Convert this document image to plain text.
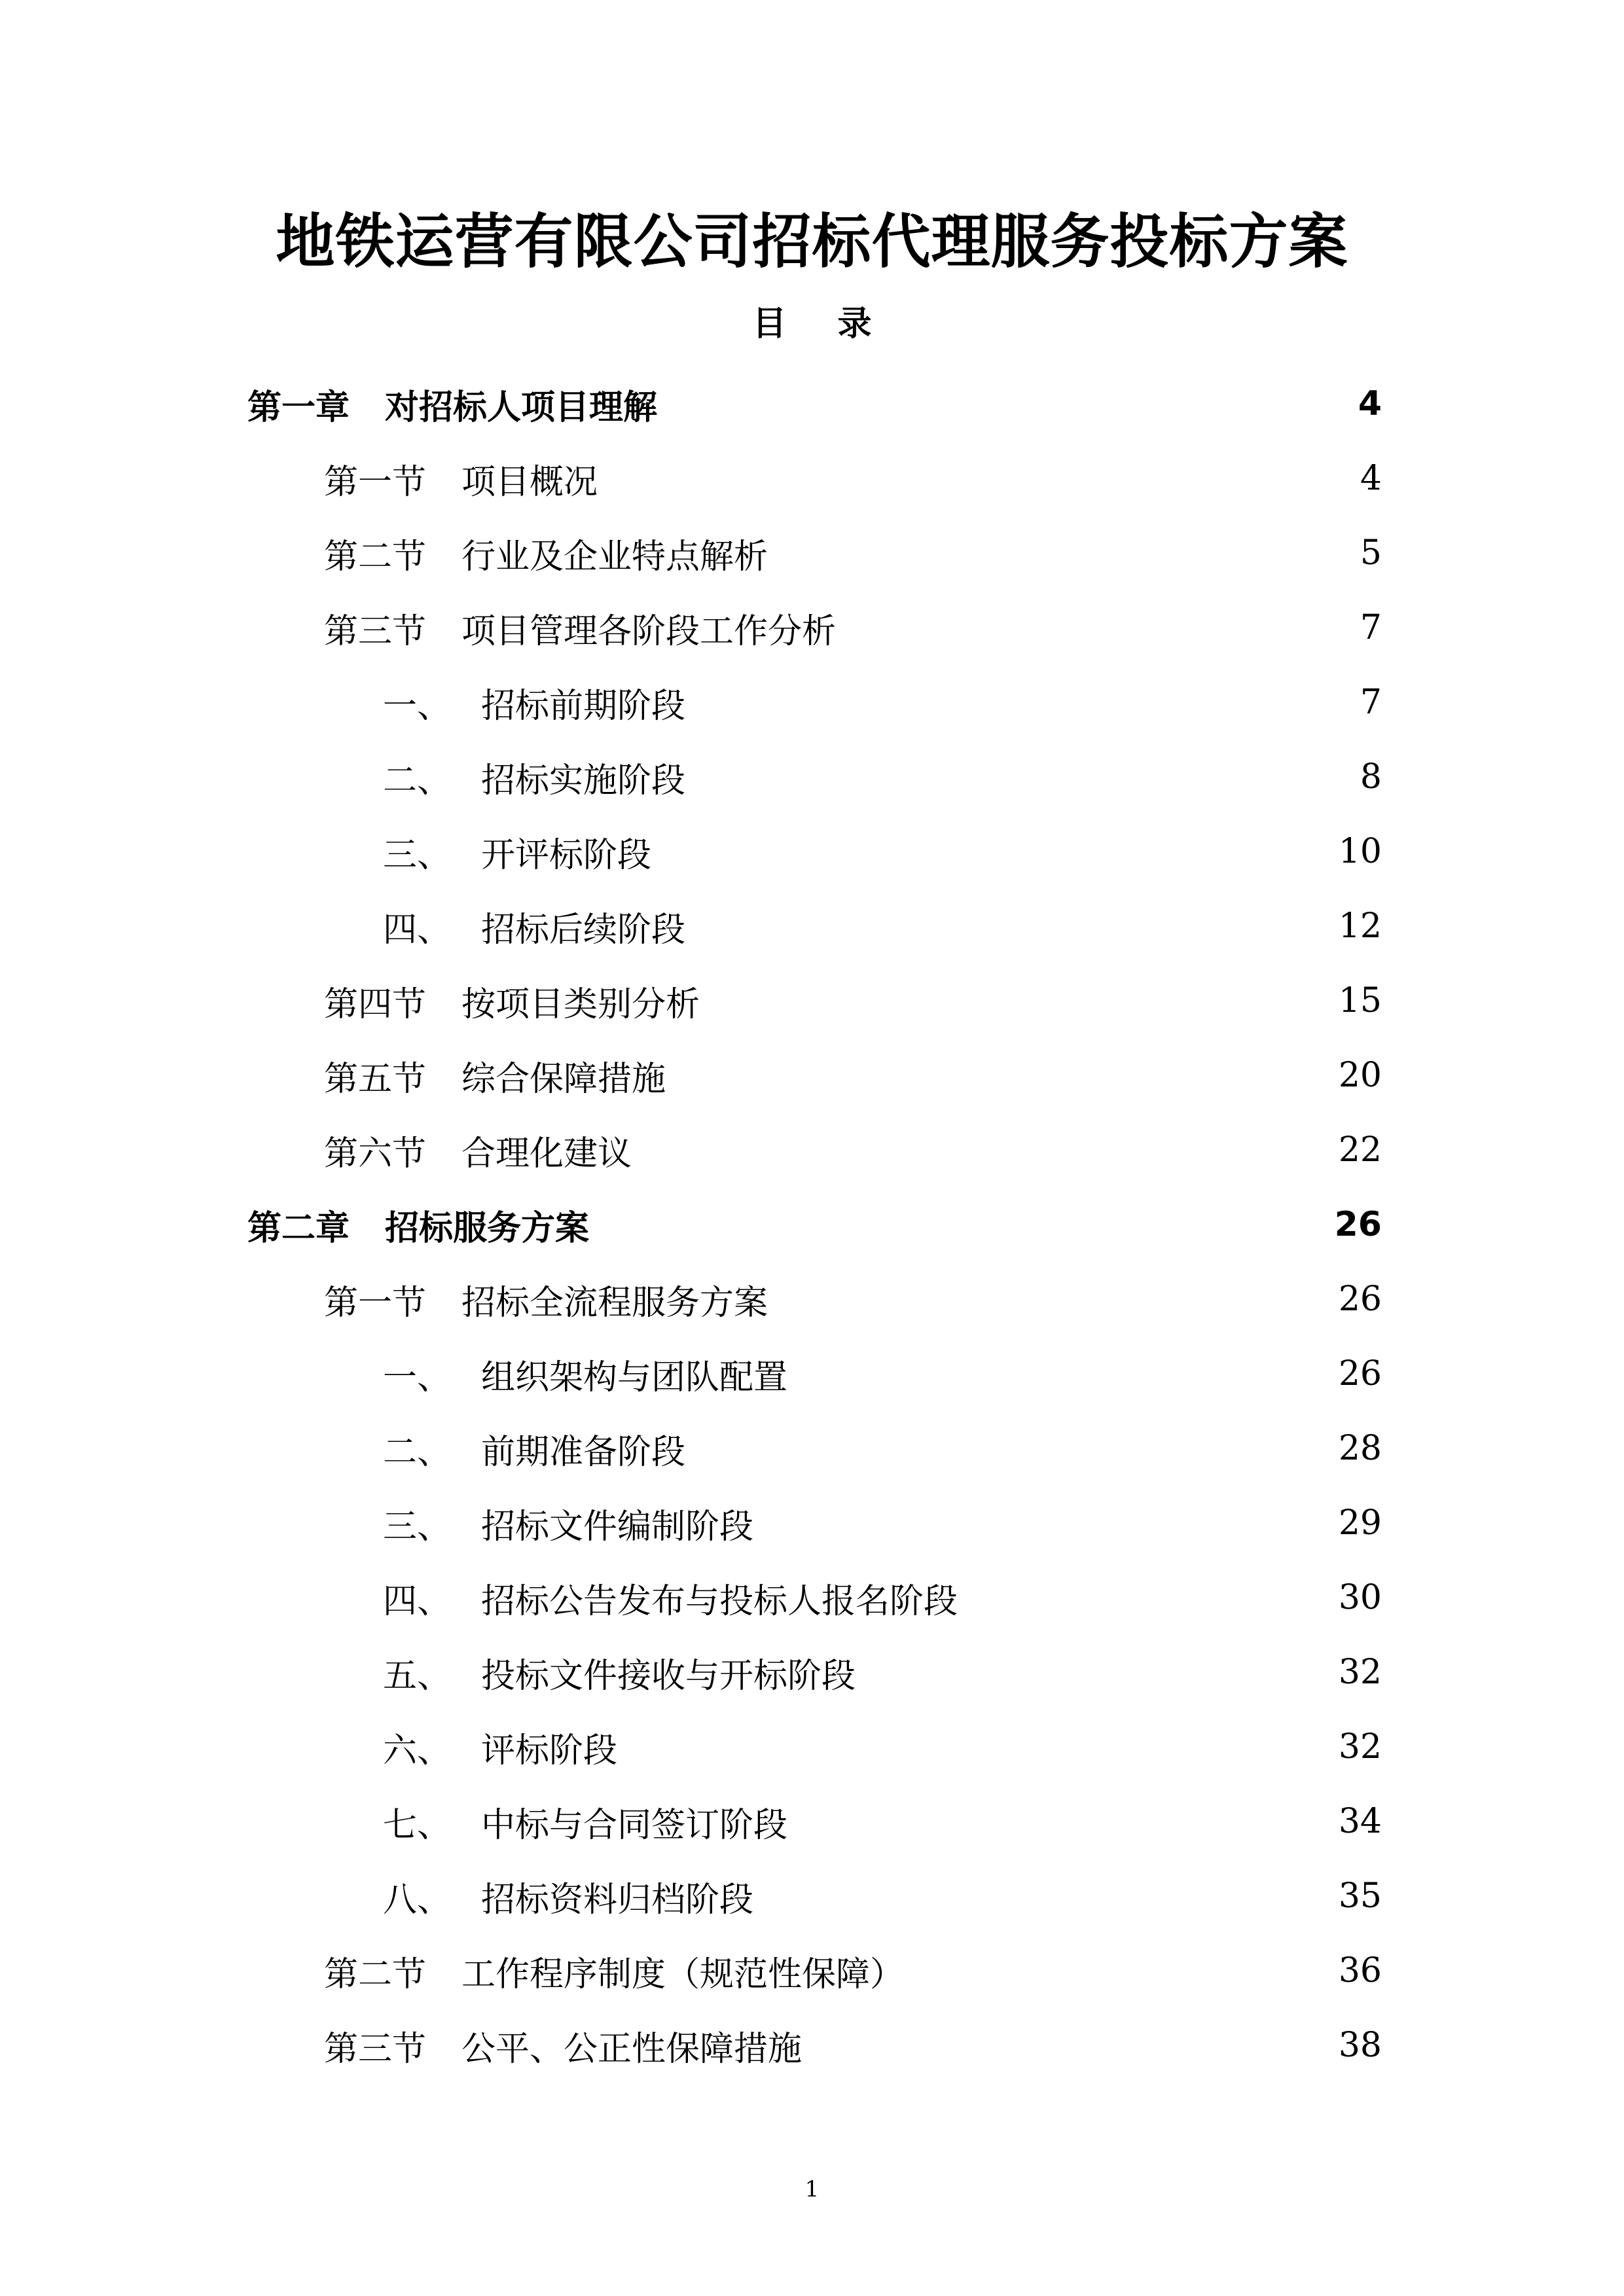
地铁运营有限公司招标代理服务投标方案
目 录
第一章	对招标人项目理解	4
第一节	项目概况	4
第二节	行业及企业特点解析	5
第三节	项目管理各阶段工作分析	7
一、 招标前期阶段	7
二、 招标实施阶段	8
三、 开评标阶段	10
四、 招标后续阶段	12
第四节	按项目类别分析	15
第五节	综合保障措施	20
第六节	合理化建议	22
第二章	招标服务方案	26
第一节	招标全流程服务方案	26
一、 组织架构与团队配置	26
二、 前期准备阶段	28
三、 招标文件编制阶段	29
四、 招标公告发布与投标人报名阶段	30
五、 投标文件接收与开标阶段	32
六、 评标阶段	32
七、 中标与合同签订阶段	34
八、 招标资料归档阶段	35
第二节	工作程序制度（规范性保障）	36
第三节	公平、公正性保障措施	38
1
